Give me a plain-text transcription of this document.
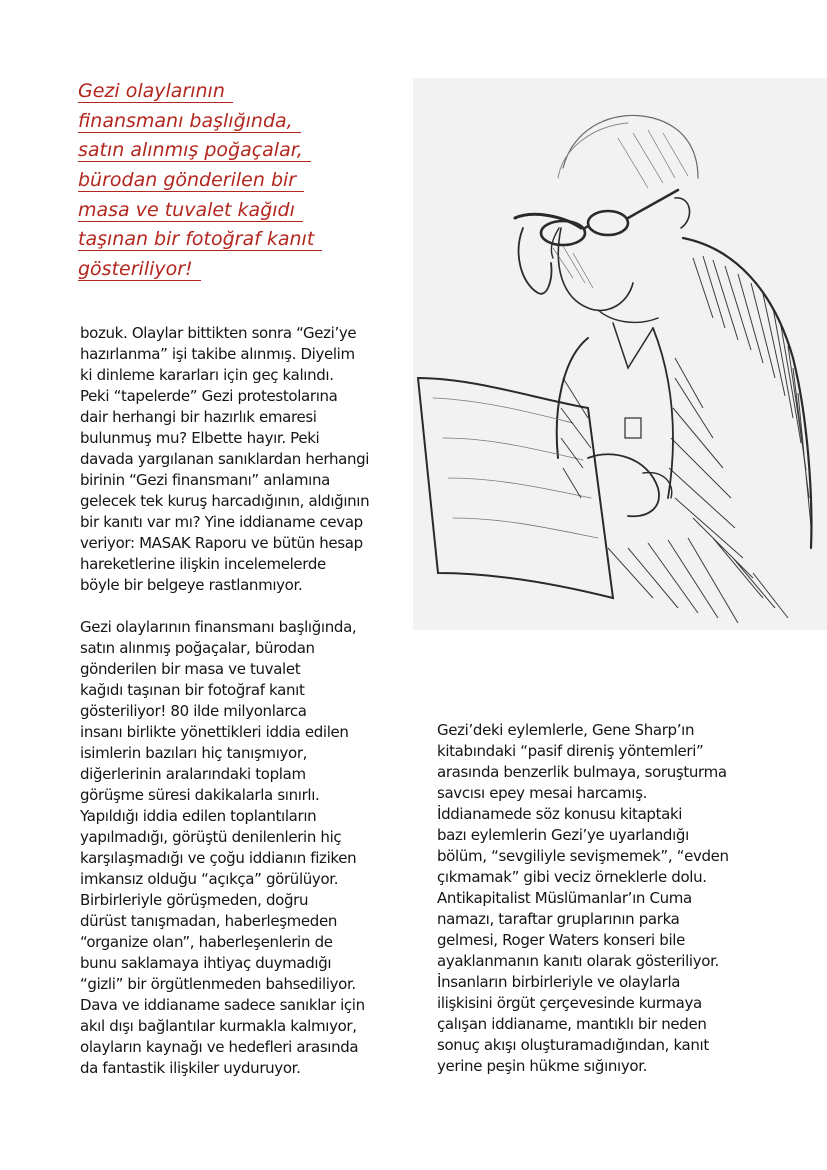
Gezi olaylarının
finansmanı başlığında,
satın alınmış poğaçalar,
bürodan gönderilen bir
masa ve tuvalet kağıdı
taşınan bir fotoğraf kanıt
gösteriliyor!
bozuk. Olaylar bittikten sonra “Gezi’ye
hazırlanma” işi takibe alınmış. Diyelim
ki dinleme kararları için geç kalındı.
Peki “tapelerde” Gezi protestolarına
dair herhangi bir hazırlık emaresi
bulunmuş mu? Elbette hayır. Peki
davada yargılanan sanıklardan herhangi
birinin “Gezi finansmanı” anlamına
gelecek tek kuruş harcadığının, aldığının
bir kanıtı var mı? Yine iddianame cevap
veriyor: MASAK Raporu ve bütün hesap
hareketlerine ilişkin incelemelerde
böyle bir belgeye rastlanmıyor.
Gezi olaylarının finansmanı başlığında,
satın alınmış poğaçalar, bürodan
gönderilen bir masa ve tuvalet
kağıdı taşınan bir fotoğraf kanıt
gösteriliyor! 80 ilde milyonlarca
insanı birlikte yönettikleri iddia edilen
isimlerin bazıları hiç tanışmıyor,
diğerlerinin aralarındaki toplam
görüşme süresi dakikalarla sınırlı.
Yapıldığı iddia edilen toplantıların
yapılmadığı, görüştü denilenlerin hiç
karşılaşmadığı ve çoğu iddianın fiziken
imkansız olduğu “açıkça” görülüyor.
Birbirleriyle görüşmeden, doğru
dürüst tanışmadan, haberleşmeden
“organize olan”, haberleşenlerin de
bunu saklamaya ihtiyaç duymadığı
“gizli” bir örgütlenmeden bahsediliyor.
Dava ve iddianame sadece sanıklar için
akıl dışı bağlantılar kurmakla kalmıyor,
olayların kaynağı ve hedefleri arasında
da fantastik ilişkiler uyduruyor.
Gezi’deki eylemlerle, Gene Sharp’ın
kitabındaki “pasif direniş yöntemleri”
arasında benzerlik bulmaya, soruşturma
savcısı epey mesai harcamış.
İddianamede söz konusu kitaptaki
bazı eylemlerin Gezi’ye uyarlandığı
bölüm, “sevgiliyle sevişmemek”, “evden
çıkmamak” gibi veciz örneklerle dolu.
Antikapitalist Müslümanlar’ın Cuma
namazı, taraftar gruplarının parka
gelmesi, Roger Waters konseri bile
ayaklanmanın kanıtı olarak gösteriliyor.
İnsanların birbirleriyle ve olaylarla
ilişkisini örgüt çerçevesinde kurmaya
çalışan iddianame, mantıklı bir neden
sonuç akışı oluşturamadığından, kanıt
yerine peşin hükme sığınıyor.
